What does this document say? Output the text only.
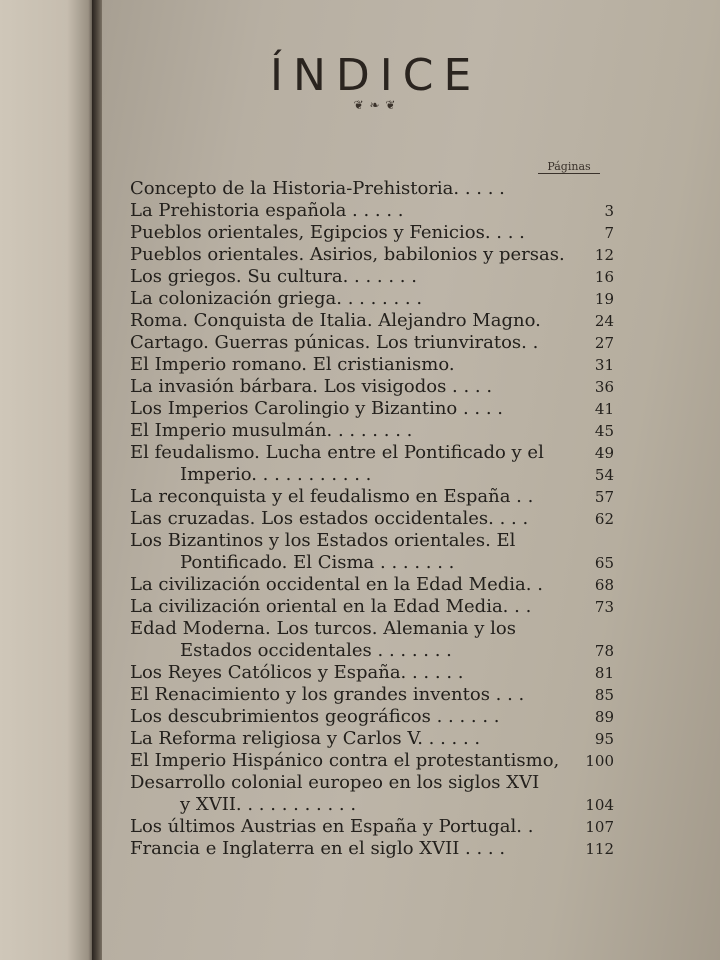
ÍNDICE
❦ ❧ ❦
Páginas
Concepto de la Historia-Prehistoria. . . . .
La Prehistoria española . . . . .	3
Pueblos orientales, Egipcios y Fenicios. . . .	7
Pueblos orientales. Asirios, babilonios y persas.	12
Los griegos. Su cultura. . . . . . .	16
La colonización griega. . . . . . . .	19
Roma. Conquista de Italia. Alejandro Magno.	24
Cartago. Guerras púnicas. Los triunviratos. .	27
El Imperio romano. El cristianismo.	31
La invasión bárbara. Los visigodos . . . .	36
Los Imperios Carolingio y Bizantino . . . .	41
El Imperio musulmán. . . . . . . .	45
El feudalismo. Lucha entre el Pontificado y el	49
Imperio. . . . . . . . . . .	54
La reconquista y el feudalismo en España . .	57
Las cruzadas. Los estados occidentales. . . .	62
Los Bizantinos y los Estados orientales. El
Pontificado. El Cisma . . . . . . .	65
La civilización occidental en la Edad Media. .	68
La civilización oriental en la Edad Media. . .	73
Edad Moderna. Los turcos. Alemania y los
Estados occidentales . . . . . . .	78
Los Reyes Católicos y España. . . . . .	81
El Renacimiento y los grandes inventos . . .	85
Los descubrimientos geográficos . . . . . .	89
La Reforma religiosa y Carlos V. . . . . .	95
El Imperio Hispánico contra el protestantismo,	100
Desarrollo colonial europeo en los siglos XVI
y XVII. . . . . . . . . . .	104
Los últimos Austrias en España y Portugal. .	107
Francia e Inglaterra en el siglo XVII . . . .	112
